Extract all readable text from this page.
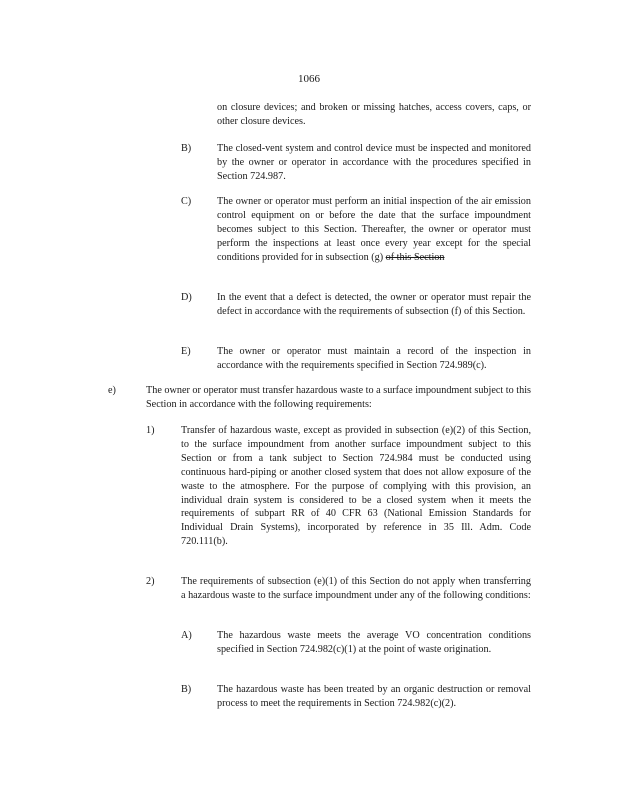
1066
on closure devices; and broken or missing hatches, access covers, caps, or other closure devices.
B)	The closed-vent system and control device must be inspected and monitored by the owner or operator in accordance with the procedures specified in Section 724.987.
C)	The owner or operator must perform an initial inspection of the air emission control equipment on or before the date that the surface impoundment becomes subject to this Section. Thereafter, the owner or operator must perform the inspections at least once every year except for the special conditions provided for in subsection (g) of this Section
D) In the event that a defect is detected, the owner or operator must repair the defect in accordance with the requirements of subsection (f) of this Section.
E)	The owner or operator must maintain a record of the inspection in accordance with the requirements specified in Section 724.989(c).
e)	The owner or operator must transfer hazardous waste to a surface impoundment subject to this Section in accordance with the following requirements:
1)	Transfer of hazardous waste, except as provided in subsection (e)(2) of this Section, to the surface impoundment from another surface impoundment subject to this Section or from a tank subject to Section 724.984 must be conducted using continuous hard-piping or another closed system that does not allow exposure of the waste to the atmosphere. For the purpose of complying with this provision, an individual drain system is considered to be a closed system when it meets the requirements of subpart RR of 40 CFR 63 (National Emission Standards for Individual Drain Systems), incorporated by reference in 35 Ill. Adm. Code 720.111(b).
2)	The requirements of subsection (e)(1) of this Section do not apply when transferring a hazardous waste to the surface impoundment under any of the following conditions:
A) The hazardous waste meets the average VO concentration conditions specified in Section 724.982(c)(1) at the point of waste origination.
B)	The hazardous waste has been treated by an organic destruction or removal process to meet the requirements in Section 724.982(c)(2).
